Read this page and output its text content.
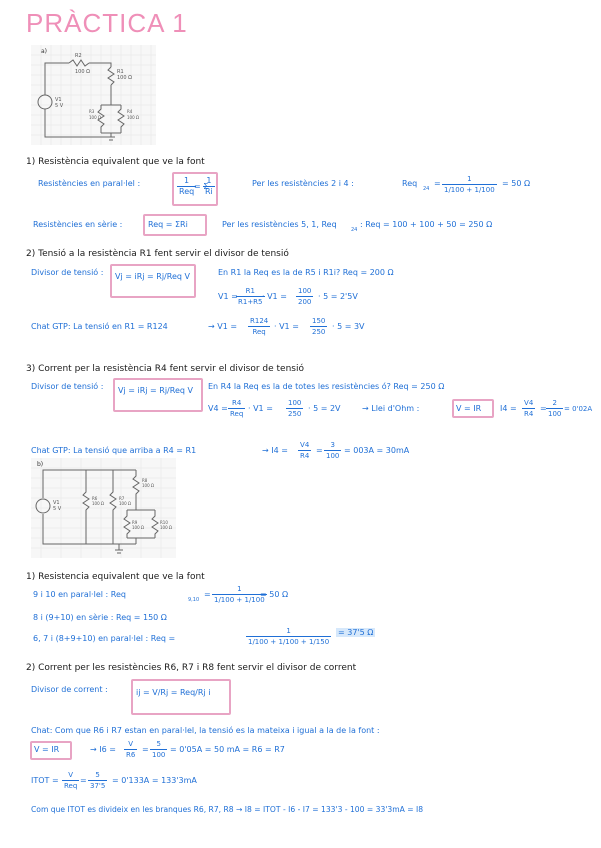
PRÀCTICA 1
a)
V1
5 V
R2
100 Ω	R1
100 Ω
R3
100 Ω
R4
100 Ω
1) Resistència equivalent que ve la font
Resistències en paral·lel :	1
Req
= Σ
$\frac{1}{Ri}$	Per les resistències 2 i 4 :	Req
24
= $\frac{1}{1/100 + 1/100} = 50$ Ω
Resistències en sèrie :	Req = ΣRi	Per les resistències 5, 1, Req
24
: Req = 100 + 100 + 50 = 250 Ω
2) Tensió a la resistència R1 fent servir el divisor de tensió
Divisor de tensió : Vj = iRj = Rj/Req V	En R1 la Req es la de R5 i R1i? Req = 200 Ω
V1 =
$\frac{R1}{R1+R5}$
· $V1 = \frac{100}{200} \cdot 5 = 2'5V$
Chat GTP: La tensió en R1 = R124	→ V1 =
R124
Req
· $V1 = \frac{150}{250} \cdot 5 = 3V$
3) Corrent per la resistència R4 fent servir el divisor de tensió
Divisor de tensió : Vj = iRj = Rj/Req V En R4 la Req es la de totes les resistències ó? Req = 250 Ω
V4 =
R4
Req
· $V1 = \frac{100}{250} \cdot 5 = 2V$	→ Llei d'Ohm :	V = IR $I4 = \frac{V4}{R4} = \frac{2}{100} = 0'02A$
Chat GTP: La tensió que arriba a R4 = R1	→ $I4 = \frac{V4}{R4} = \frac{3}{100} = 003A = 30mA$
b)
V1
5 V
R6
100 Ω
R7
100 Ω
R8
100 Ω
R9
100 Ω
R10
100 Ω
1) Resistencia equivalent que ve la font
9 i 10 en paral·lel : Req
9,10
= $\frac{1}{1/100 + 1/100}$
= 50 Ω
8 i (9+10) en sèrie : Req = 150 Ω
6, 7 i (8+9+10) en paral·lel : Req =	$\frac{1}{1/100 + 1/100 + 1/150} = 37'5$ Ω
2) Corrent per les resistències R6, R7 i R8 fent servir el divisor de corrent
Divisor de corrent :	ij = V/Rj = Req/Rj i
Chat: Com que R6 i R7 estan en paral·lel, la tensió es la mateixa i igual a la de la font :
V = IR	→ $I6 = \frac{V}{R6} = \frac{5}{100} = 0'05A = 50$ mA = R6 = R7
ITOT =
V
Req
= $\frac{5}{37'5} = 0'133A = 133'3mA$
Com que ITOT es divideix en les branques R6, R7, R8 → I8 = ITOT - I6 - I7 = 133'3 - 100 = 33'3mA = I8
